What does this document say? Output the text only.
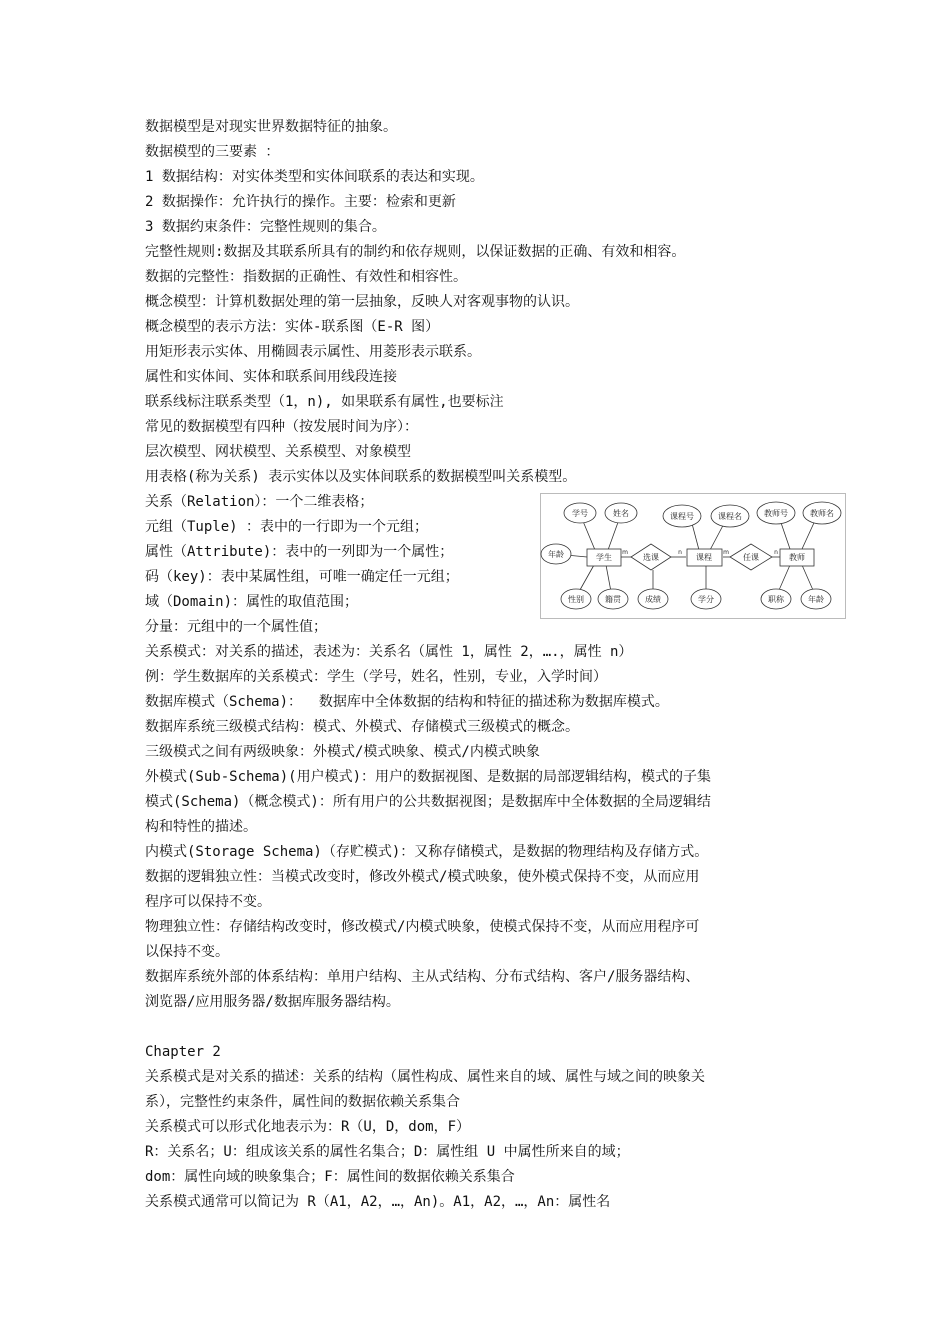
数据模型是对现实世界数据特征的抽象。
数据模型的三要素 ：
1 数据结构：对实体类型和实体间联系的表达和实现。
2 数据操作：允许执行的操作。主要：检索和更新
3 数据约束条件：完整性规则的集合。
完整性规则:数据及其联系所具有的制约和依存规则，以保证数据的正确、有效和相容。
数据的完整性：指数据的正确性、有效性和相容性。
概念模型：计算机数据处理的第一层抽象，反映人对客观事物的认识。
概念模型的表示方法：实体-联系图（E-R 图）
用矩形表示实体、用椭圆表示属性、用菱形表示联系。
属性和实体间、实体和联系间用线段连接
联系线标注联系类型（1，n), 如果联系有属性,也要标注
常见的数据模型有四种（按发展时间为序）：
层次模型、网状模型、关系模型、对象模型
用表格(称为关系) 表示实体以及实体间联系的数据模型叫关系模型。
关系（Relation）：一个二维表格；
元组（Tuple) ：表中的一行即为一个元组；
属性（Attribute)：表中的一列即为一个属性；
码（key)：表中某属性组，可唯一确定任一元组；
域（Domain)：属性的取值范围；
分量：元组中的一个属性值；
关系模式：对关系的描述，表述为：关系名（属性 1，属性 2，….，属性 n）
例：学生数据库的关系模式：学生（学号，姓名，性别，专业，入学时间）
数据库模式（Schema)：  数据库中全体数据的结构和特征的描述称为数据库模式。
数据库系统三级模式结构：模式、外模式、存储模式三级模式的概念。
三级模式之间有两级映象：外模式/模式映象、模式/内模式映象
外模式(Sub-Schema)(用户模式)：用户的数据视图、是数据的局部逻辑结构，模式的子集
模式(Schema)（概念模式)：所有用户的公共数据视图；是数据库中全体数据的全局逻辑结
构和特性的描述。
内模式(Storage Schema)（存贮模式)：又称存储模式，是数据的物理结构及存储方式。
数据的逻辑独立性：当模式改变时，修改外模式/模式映象，使外模式保持不变，从而应用
程序可以保持不变。
物理独立性：存储结构改变时，修改模式/内模式映象，使模式保持不变，从而应用程序可
以保持不变。
数据库系统外部的体系结构：单用户结构、主从式结构、分布式结构、客户/服务器结构、
浏览器/应用服务器/数据库服务器结构。
Chapter 2
关系模式是对关系的描述：关系的结构（属性构成、属性来自的域、属性与域之间的映象关
系），完整性约束条件，属性间的数据依赖关系集合
关系模式可以形式化地表示为：R（U，D，dom，F）
R：关系名；U：组成该关系的属性名集合；D：属性组 U 中属性所来自的域；
dom：属性向域的映象集合；F：属性间的数据依赖关系集合
关系模式通常可以简记为 R（A1，A2，…，An)。A1，A2，…，An：属性名
学号	姓名
年龄
性别	籍贯	成绩
课程号	课程名
学分
教师号	教师名
职称	年龄
学生	课程	教师
选课	任课
m	n	m	n
